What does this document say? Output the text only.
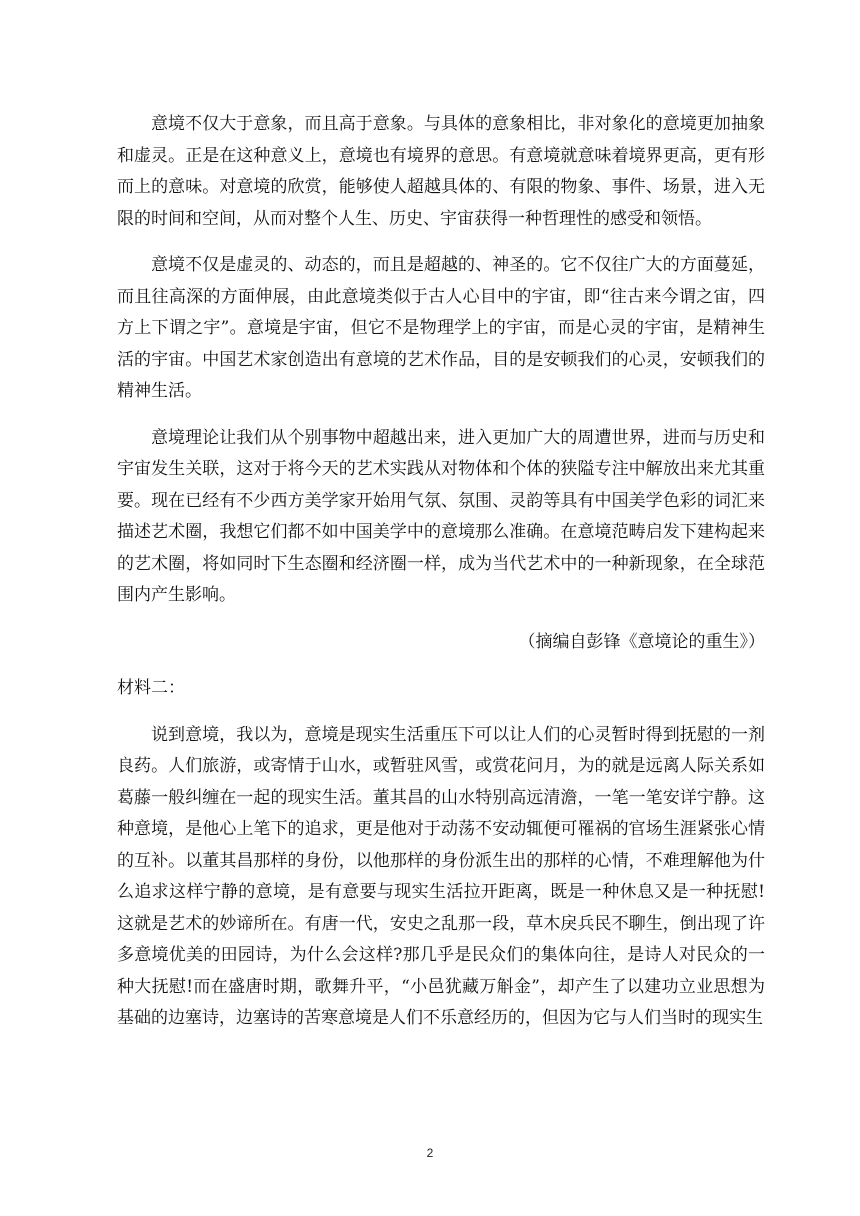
意境不仅大于意象，而且高于意象。与具体的意象相比，非对象化的意境更加抽象和虚灵。正是在这种意义上，意境也有境界的意思。有意境就意味着境界更高，更有形而上的意味。对意境的欣赏，能够使人超越具体的、有限的物象、事件、场景，进入无限的时间和空间，从而对整个人生、历史、宇宙获得一种哲理性的感受和领悟。

意境不仅是虚灵的、动态的，而且是超越的、神圣的。它不仅往广大的方面蔓延，而且往高深的方面伸展，由此意境类似于古人心目中的宇宙，即“往古来今谓之宙，四方上下谓之宇”。意境是宇宙，但它不是物理学上的宇宙，而是心灵的宇宙，是精神生活的宇宙。中国艺术家创造出有意境的艺术作品，目的是安顿我们的心灵，安顿我们的精神生活。

意境理论让我们从个别事物中超越出来，进入更加广大的周遭世界，进而与历史和宇宙发生关联，这对于将今天的艺术实践从对物体和个体的狭隘专注中解放出来尤其重要。现在已经有不少西方美学家开始用气氛、氛围、灵韵等具有中国美学色彩的词汇来描述艺术圈，我想它们都不如中国美学中的意境那么准确。在意境范畴启发下建构起来的艺术圈，将如同时下生态圈和经济圈一样，成为当代艺术中的一种新现象，在全球范围内产生影响。

（摘编自彭锋《意境论的重生》）

材料二：

说到意境，我以为，意境是现实生活重压下可以让人们的心灵暂时得到抚慰的一剂良药。人们旅游，或寄情于山水，或暂驻风雪，或赏花问月，为的就是远离人际关系如葛藤一般纠缠在一起的现实生活。董其昌的山水特别高远清澹，一笔一笔安详宁静。这种意境，是他心上笔下的追求，更是他对于动荡不安动辄便可罹祸的官场生涯紧张心情的互补。以董其昌那样的身份，以他那样的身份派生出的那样的心情，不难理解他为什么追求这样宁静的意境，是有意要与现实生活拉开距离，既是一种休息又是一种抚慰!这就是艺术的妙谛所在。有唐一代，安史之乱那一段，草木戾兵民不聊生，倒出现了许多意境优美的田园诗，为什么会这样?那几乎是民众们的集体向往，是诗人对民众的一种大抚慰!而在盛唐时期，歌舞升平，“小邑犹藏万斛金”，却产生了以建功立业思想为基础的边塞诗，边塞诗的苦寒意境是人们不乐意经历的，但因为它与人们当时的现实生

2
